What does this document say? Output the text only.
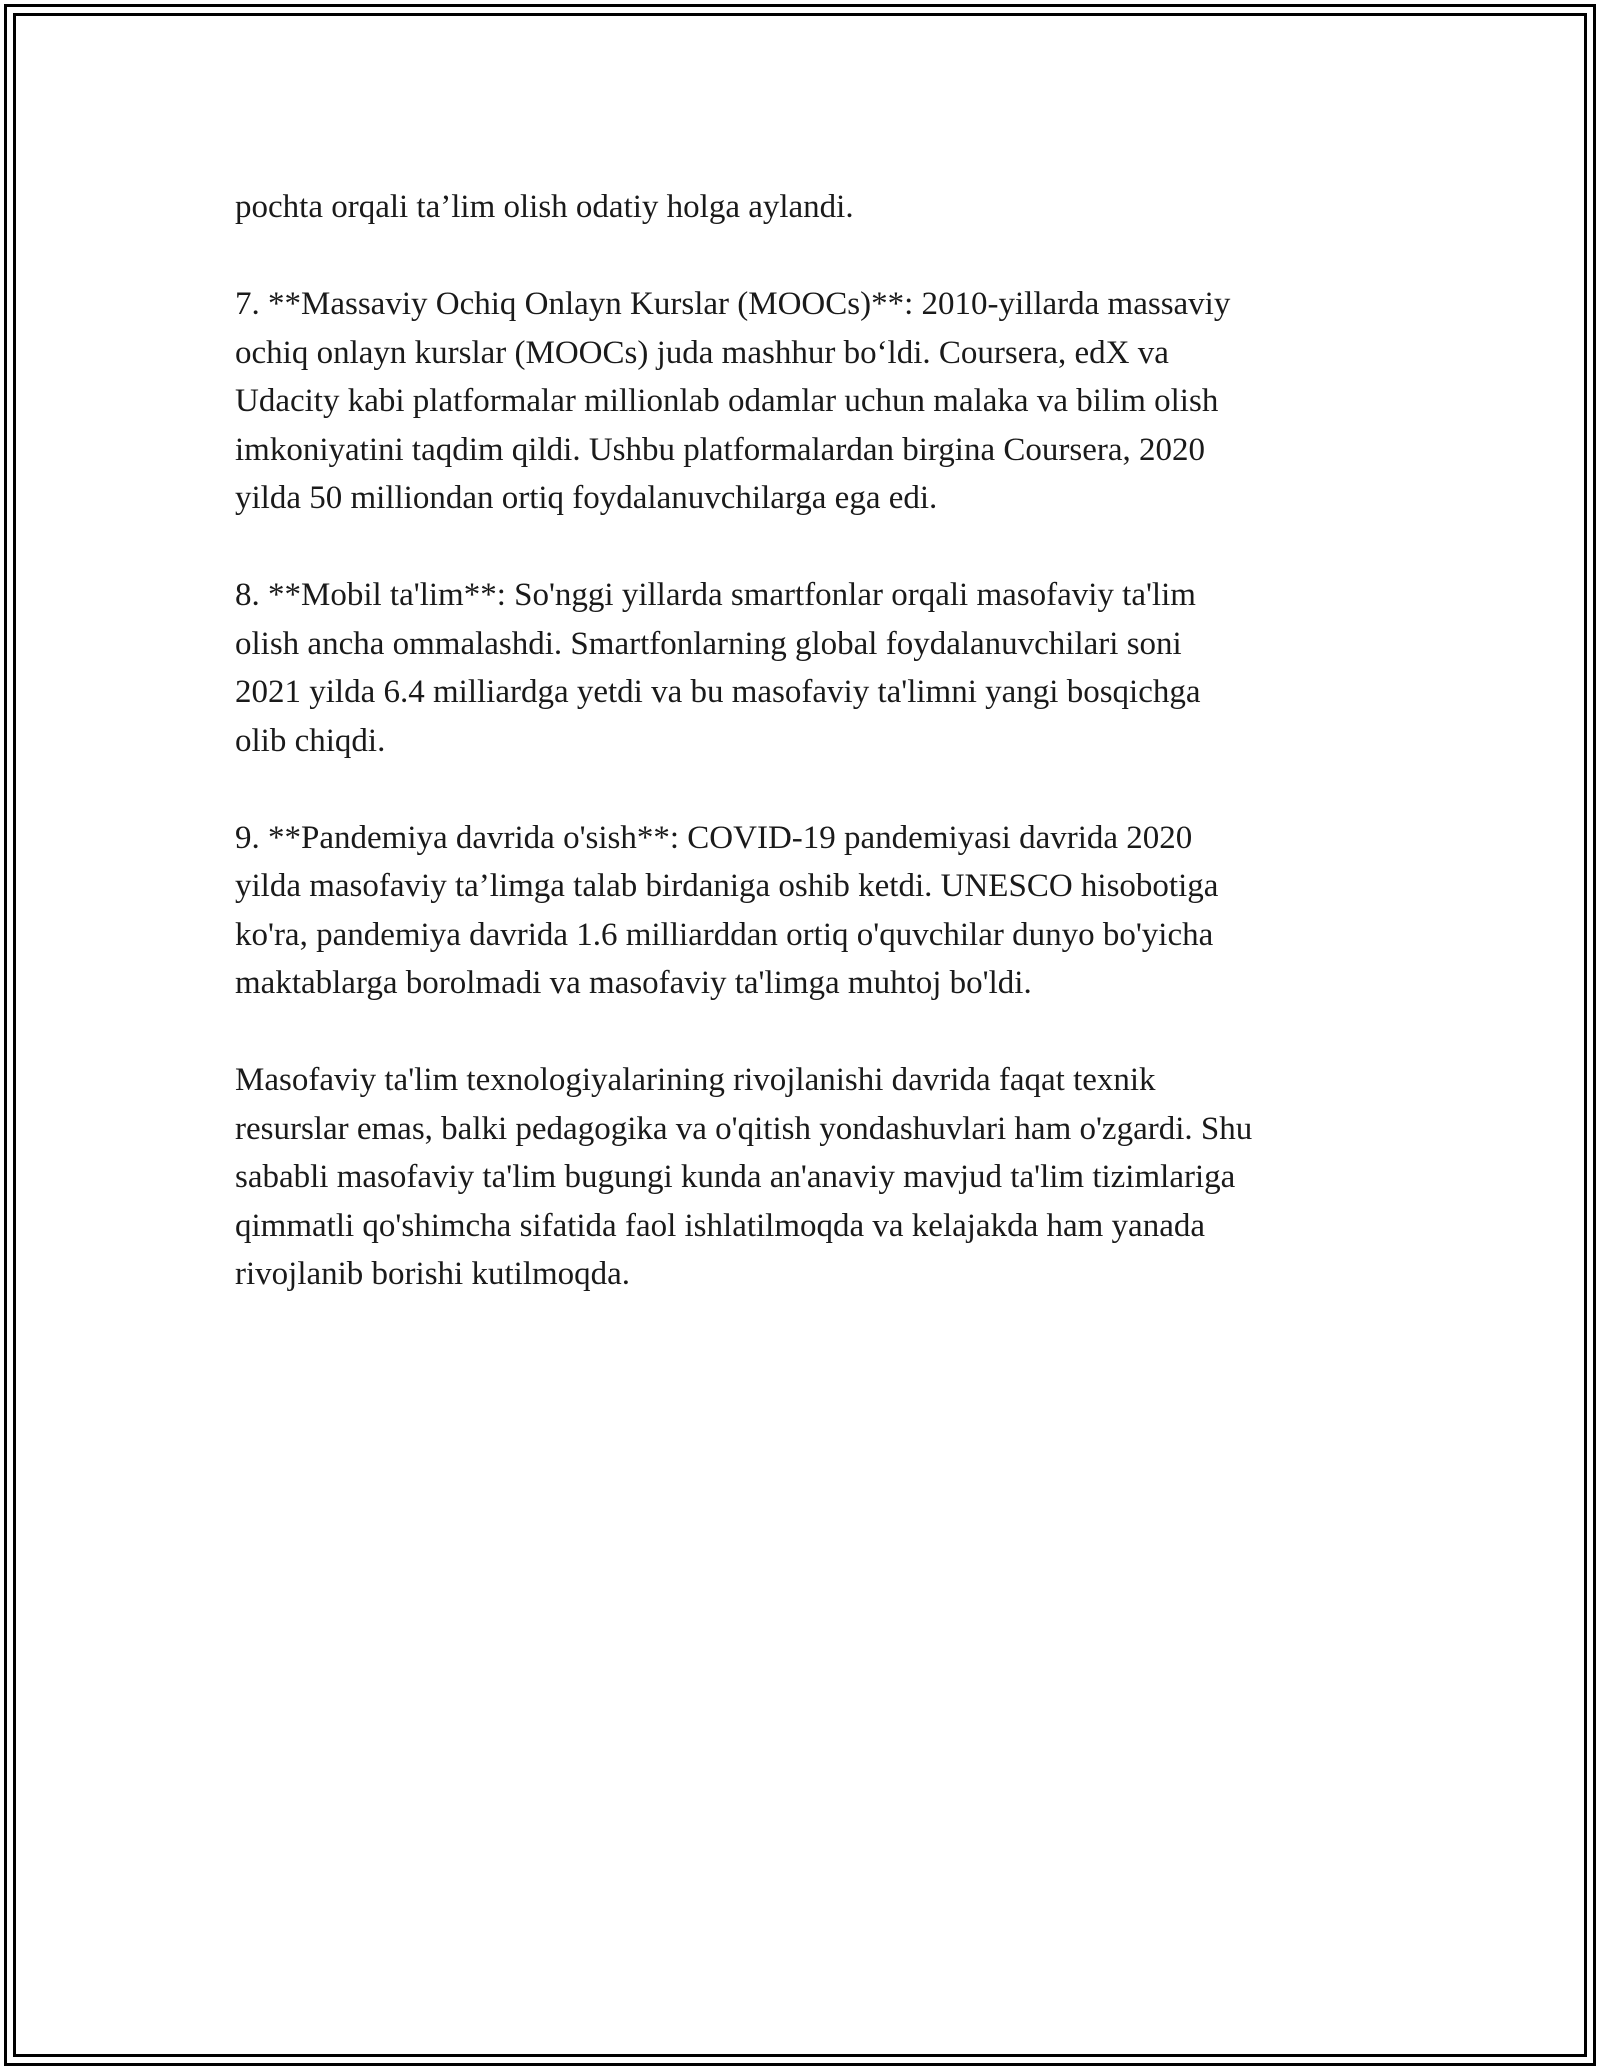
pochta orqali ta’lim olish odatiy holga aylandi.

7. **Massaviy Ochiq Onlayn Kurslar (MOOCs)**: 2010-yillarda massaviy
ochiq onlayn kurslar (MOOCs) juda mashhur bo‘ldi. Coursera, edX va
Udacity kabi platformalar millionlab odamlar uchun malaka va bilim olish
imkoniyatini taqdim qildi. Ushbu platformalardan birgina Coursera, 2020
yilda 50 milliondan ortiq foydalanuvchilarga ega edi.

8. **Mobil ta'lim**: So'nggi yillarda smartfonlar orqali masofaviy ta'lim
olish ancha ommalashdi. Smartfonlarning global foydalanuvchilari soni
2021 yilda 6.4 milliardga yetdi va bu masofaviy ta'limni yangi bosqichga
olib chiqdi.

9. **Pandemiya davrida o'sish**: COVID-19 pandemiyasi davrida 2020
yilda masofaviy ta’limga talab birdaniga oshib ketdi. UNESCO hisobotiga
ko'ra, pandemiya davrida 1.6 milliarddan ortiq o'quvchilar dunyo bo'yicha
maktablarga borolmadi va masofaviy ta'limga muhtoj bo'ldi.

Masofaviy ta'lim texnologiyalarining rivojlanishi davrida faqat texnik
resurslar emas, balki pedagogika va o'qitish yondashuvlari ham o'zgardi. Shu
sababli masofaviy ta'lim bugungi kunda an'anaviy mavjud ta'lim tizimlariga
qimmatli qo'shimcha sifatida faol ishlatilmoqda va kelajakda ham yanada
rivojlanib borishi kutilmoqda.
